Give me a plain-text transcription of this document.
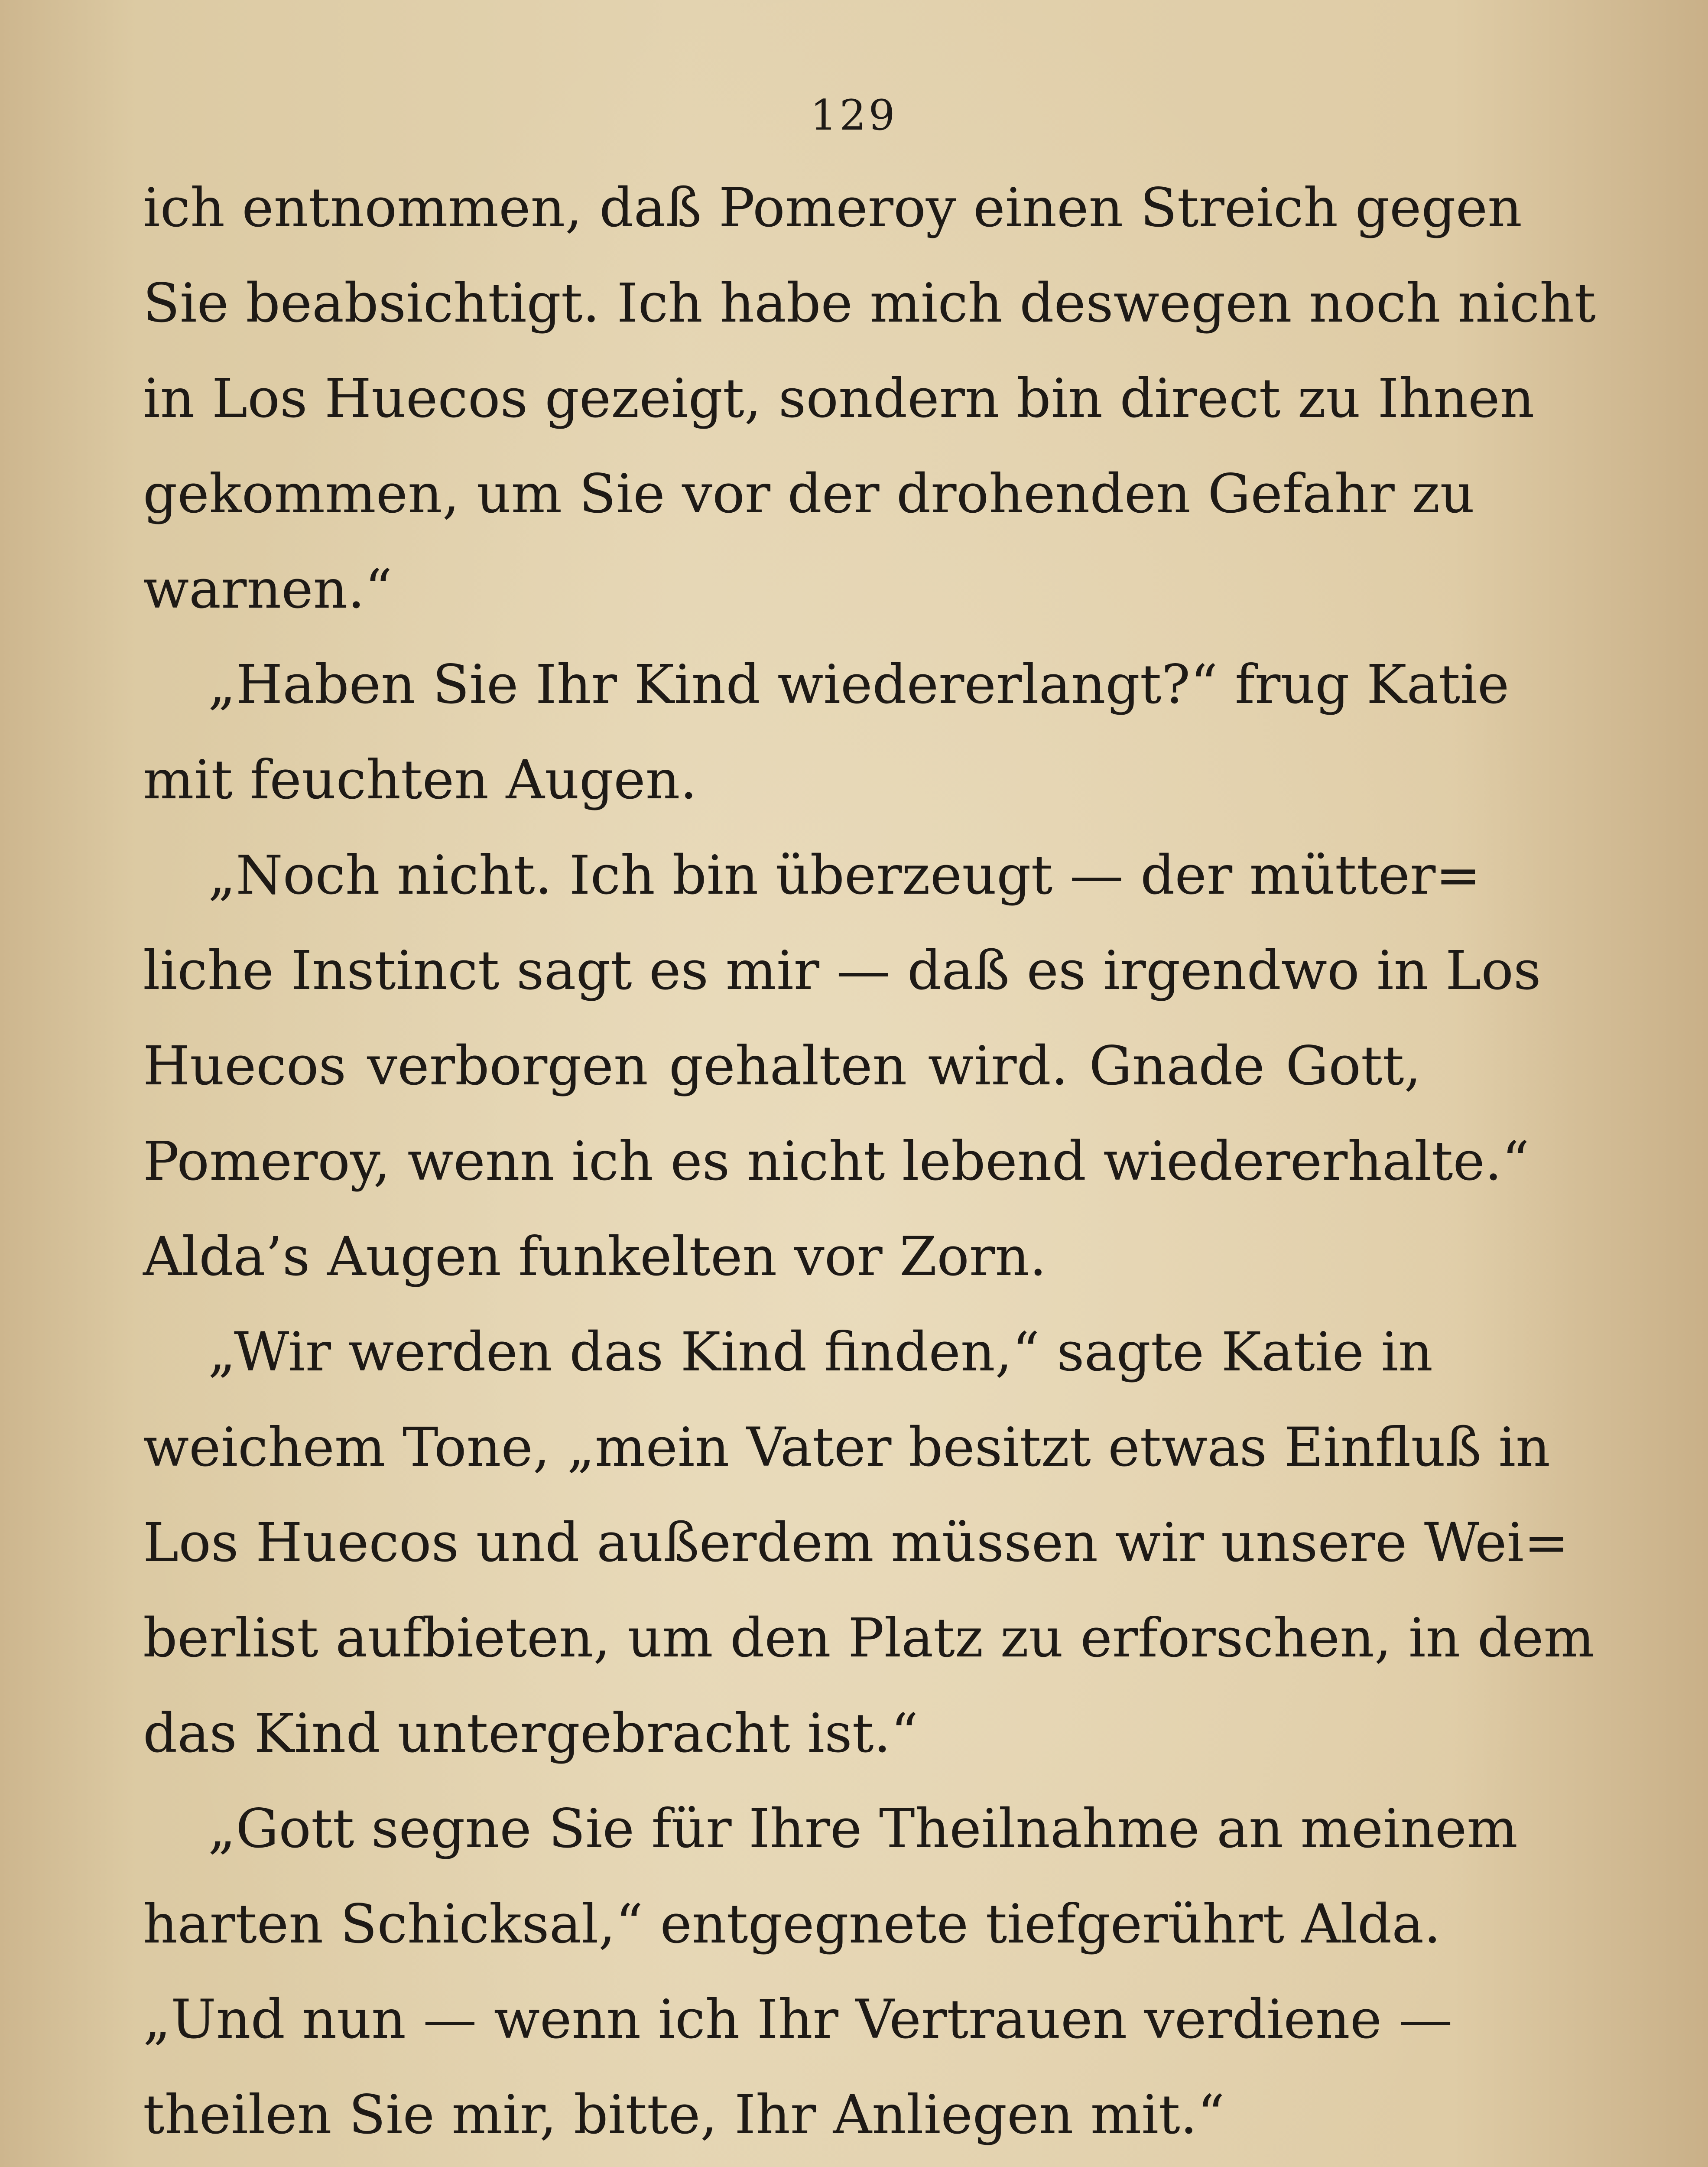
129
ich entnommen, daß Pomeroy einen Streich gegen
Sie beabsichtigt. Ich habe mich deswegen noch nicht
in Los Huecos gezeigt, sondern bin direct zu Ihnen
gekommen, um Sie vor der drohenden Gefahr zu
warnen.“
„Haben Sie Ihr Kind wiedererlangt?“ frug Katie
mit feuchten Augen.
„Noch nicht. Ich bin überzeugt — der mütter=
liche Instinct sagt es mir — daß es irgendwo in Los
Huecos verborgen gehalten wird. Gnade Gott,
Pomeroy, wenn ich es nicht lebend wiedererhalte.“
Alda’s Augen funkelten vor Zorn.
„Wir werden das Kind finden,“ sagte Katie in
weichem Tone, „mein Vater besitzt etwas Einfluß in
Los Huecos und außerdem müssen wir unsere Wei=
berlist aufbieten, um den Platz zu erforschen, in dem
das Kind untergebracht ist.“
„Gott segne Sie für Ihre Theilnahme an meinem
harten Schicksal,“ entgegnete tiefgerührt Alda.
„Und nun — wenn ich Ihr Vertrauen verdiene —
theilen Sie mir, bitte, Ihr Anliegen mit.“
